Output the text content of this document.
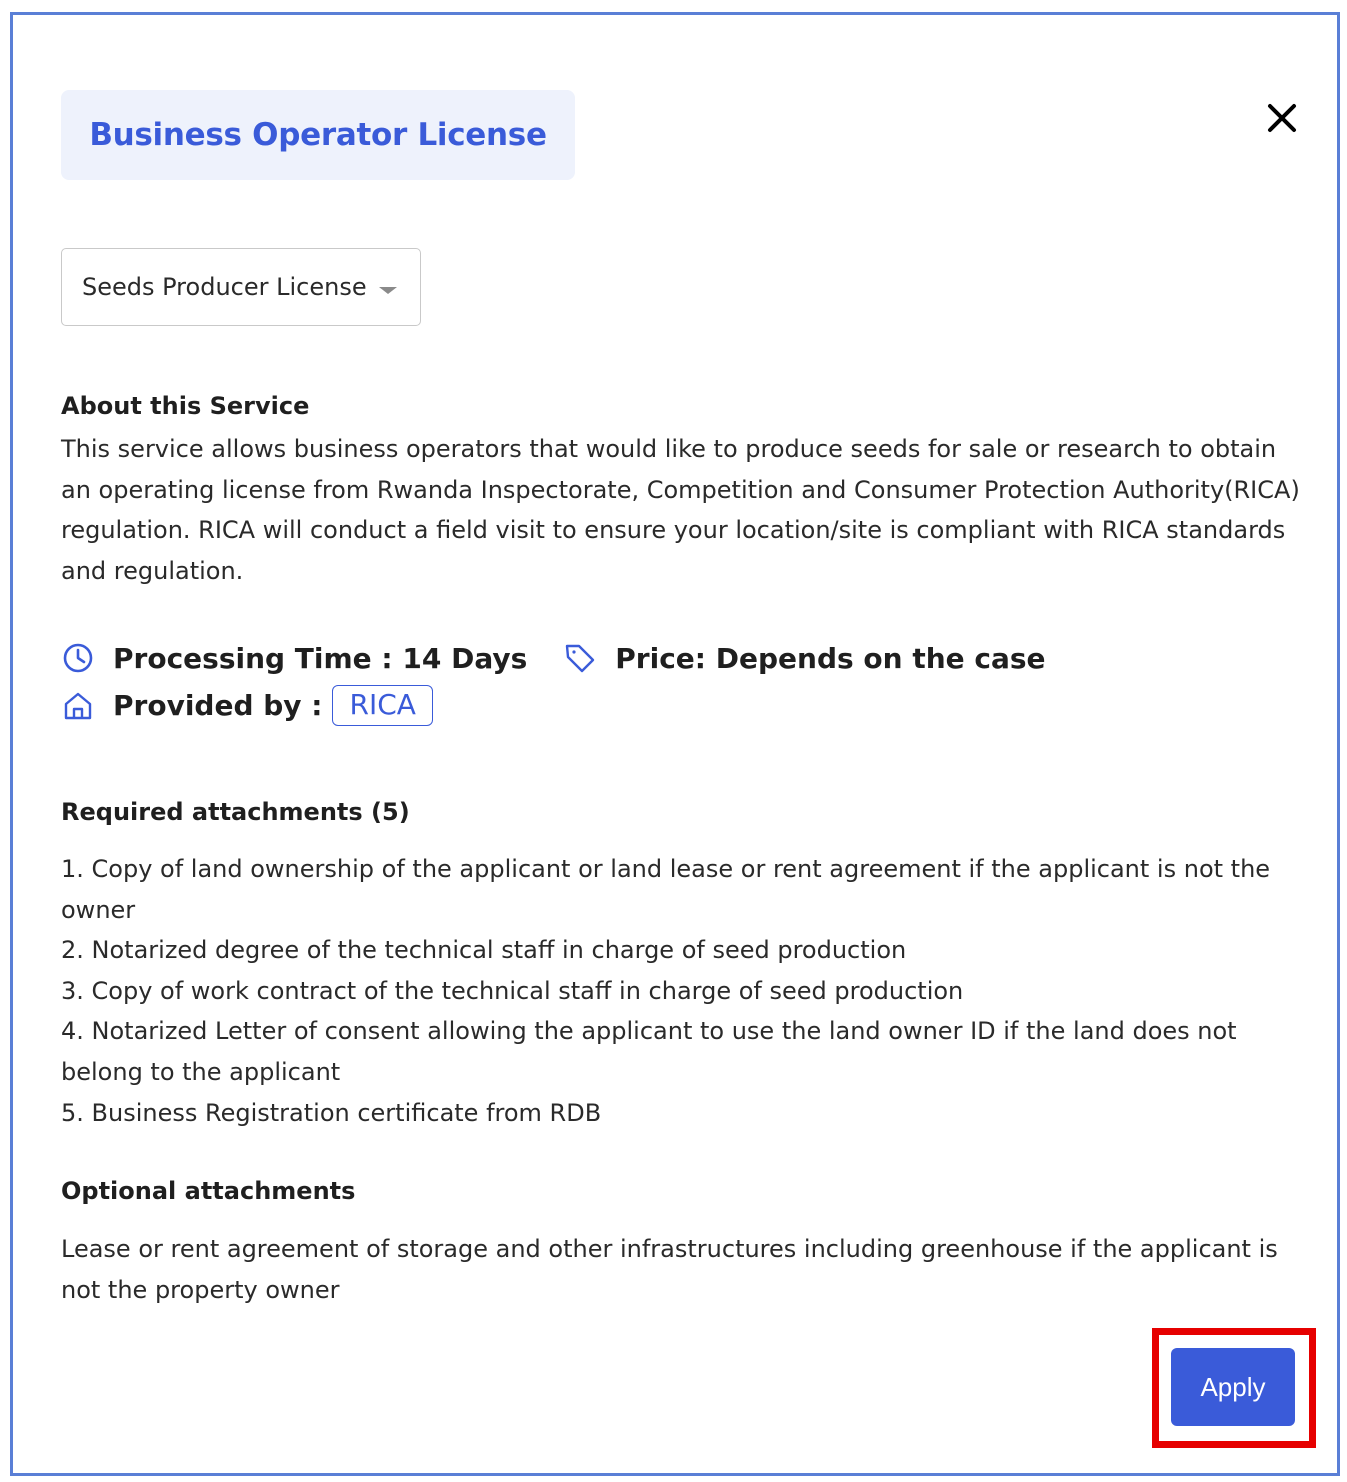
Business Operator License
Seeds Producer License
About this Service
This service allows business operators that would like to produce seeds for sale or research to obtain an operating license from Rwanda Inspectorate, Competition and Consumer Protection Authority(RICA) regulation. RICA will conduct a field visit to ensure your location/site is compliant with RICA standards and regulation.
Processing Time : 14 Days	Price: Depends on the case
Provided by : RICA
Required attachments (5)
1. Copy of land ownership of the applicant or land lease or rent agreement if the applicant is not the owner
2. Notarized degree of the technical staff in charge of seed production
3. Copy of work contract of the technical staff in charge of seed production
4. Notarized Letter of consent allowing the applicant to use the land owner ID if the land does not belong to the applicant
5. Business Registration certificate from RDB
Optional attachments
Lease or rent agreement of storage and other infrastructures including greenhouse if the applicant is not the property owner
Apply
